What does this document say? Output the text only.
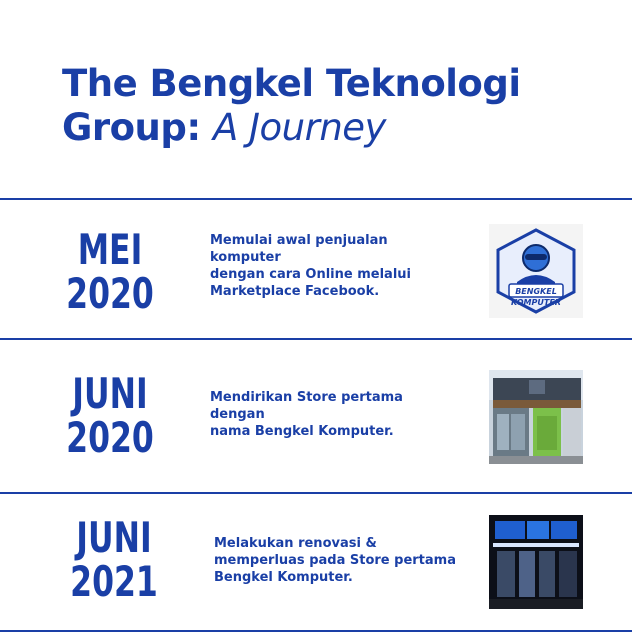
The Bengkel Teknologi
Group: A Journey
MEI
2020
Memulai awal penjualan
komputer
dengan cara Online melalui
Marketplace Facebook.	BENGKEL
KOMPUTER
JUNI
2020
Mendirikan Store pertama
dengan
nama Bengkel Komputer.
JUNI
2021
Melakukan renovasi &
memperluas pada Store pertama
Bengkel Komputer.
